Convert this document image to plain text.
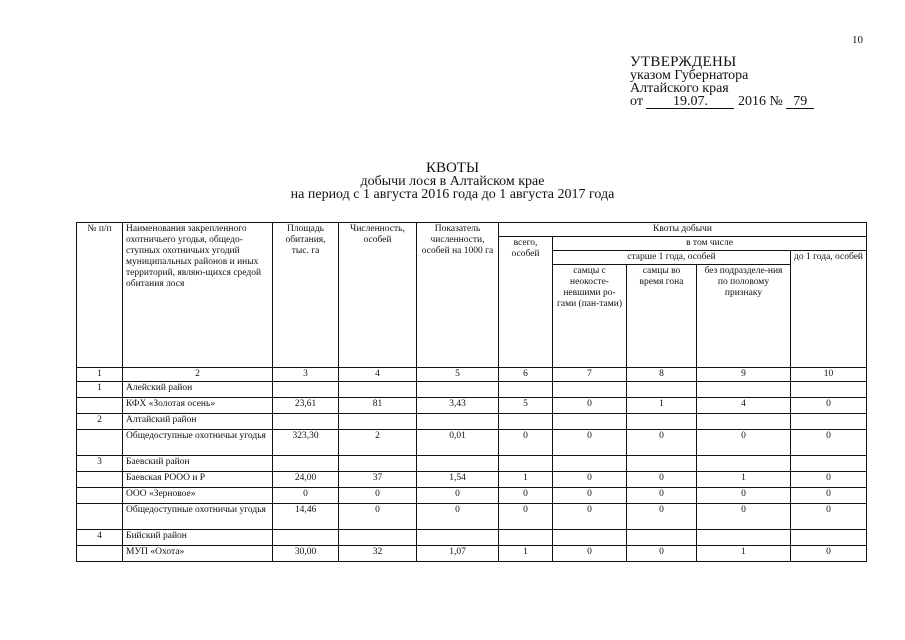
10
УТВЕРЖДЕНЫ
указом Губернатора
Алтайского края
от 19.07. 2016 № 79
КВОТЫ
добычи лося в Алтайском крае
на период с 1 августа 2016 года до 1 августа 2017 года
№ п/п	Наименования закрепленного охотничьего угодья, общедо-ступных охотничьих угодий муниципальных районов и иных территорий, являю-щихся средой обитания лося	Площадь обитания, тыс. га	Численность, особей	Показатель численности, особей на 1000 га	Квоты добычи				
					всего, особей	в том числе			
						старше 1 года, особей			до 1 года, особей
						самцы с неокосте-невшими ро-гами (пан-тами)	самцы во время гона	без подразделе-ния по половому признаку	
1	2	3	4	5	6	7	8	9	10
1	Алейский район								
	КФХ «Золотая осень»	23,61	81	3,43	5	0	1	4	0
2	Алтайский район								
	Общедоступные охотничьи угодья	323,30	2	0,01	0	0	0	0	0
3	Баевский район								
	Баевская РОOO и Р	24,00	37	1,54	1	0	0	1	0
	ООО «Зерновое»	0	0	0	0	0	0	0	0
	Общедоступные охотничьи угодья	14,46	0	0	0	0	0	0	0
4	Бийский район								
	МУП «Охота»	30,00	32	1,07	1	0	0	1	0
